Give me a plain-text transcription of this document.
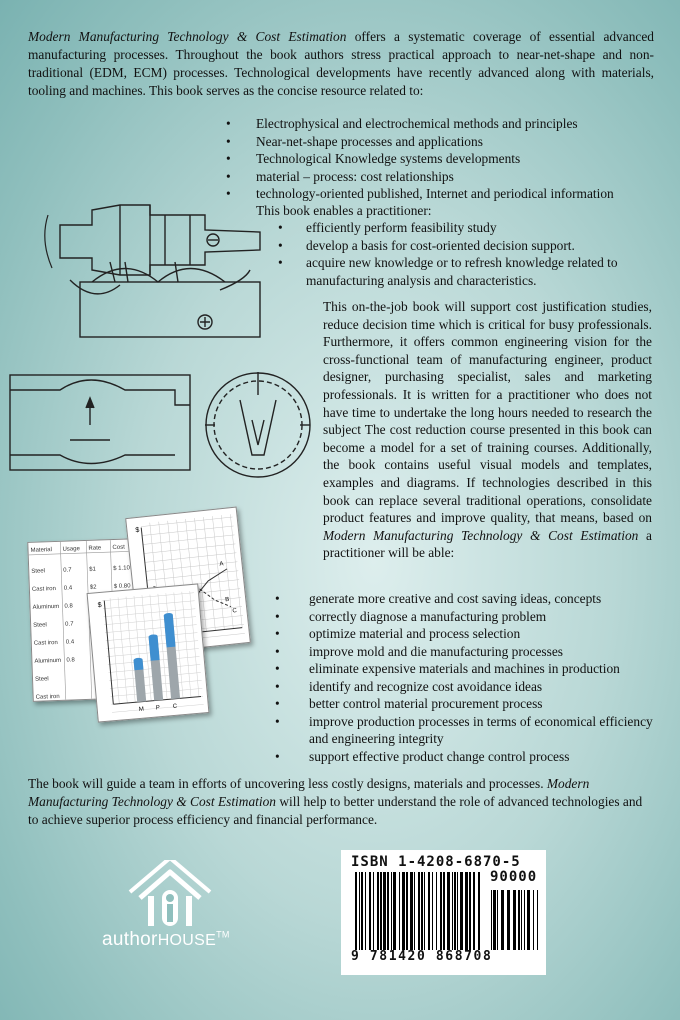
Modern Manufacturing Technology & Cost Estimation offers a systematic coverage of essential advanced manufacturing processes. Throughout the book authors stress practical approach to near-net-shape and non-traditional (EDM, ECM) processes. Technological developments have recently advanced along with materials, tooling and machines. This book serves as the concise resource related to:

• Electrophysical and electrochemical methods and principles
• Near-net-shape processes and applications
• Technological Knowledge systems developments
• material – process: cost relationships
• technology-oriented published, Internet and periodical information

This book enables a practitioner:

• efficiently perform feasibility study
• develop a basis for cost-oriented decision support.
• acquire new knowledge or to refresh knowledge related to manufacturing analysis and characteristics.

This on-the-job book will support cost justification studies, reduce decision time which is critical for busy professionals. Furthermore, it offers common engineering vision for the cross-functional team of manufacturing engineer, product designer, purchasing specialist, sales and marketing professionals. It is written for a practitioner who does not have time to undertake the long hours needed to research the subject The cost reduction course presented in this book can become a model for a set of training courses. Additionally, the book contains useful visual models and templates, examples and diagrams. If technologies described in this book can replace several traditional operations, consolidate product features and improve quality, that means, based on Modern Manufacturing Technology & Cost Estimation a practitioner will be able:

Material Usage Rate Cost
Steel	0.7	$1	$ 1.10
Cast iron 0.4	$2	$ 0.80
Aluminum 0.8
Steel	0.7
Cast iron 0.4
Aluminum 0.8
Steel
Cast iron
$
A
B
C
$
M P C
• generate more creative and cost saving ideas, concepts
• correctly diagnose a manufacturing problem
• optimize material and process selection
• improve mold and die manufacturing processes
• eliminate expensive materials and machines in production
• identify and recognize cost avoidance ideas
• better control material procurement process
• improve production processes in terms of economical efficiency and engineering integrity
• support effective product change control process

The book will guide a team in efforts of uncovering less costly designs, materials and processes. Modern Manufacturing Technology & Cost Estimation will help to better understand the role of advanced technologies and to achieve superior process efficiency and financial performance.

authorHOUSE™
ISBN 1-4208-6870-5
90000
9 781420 868708
